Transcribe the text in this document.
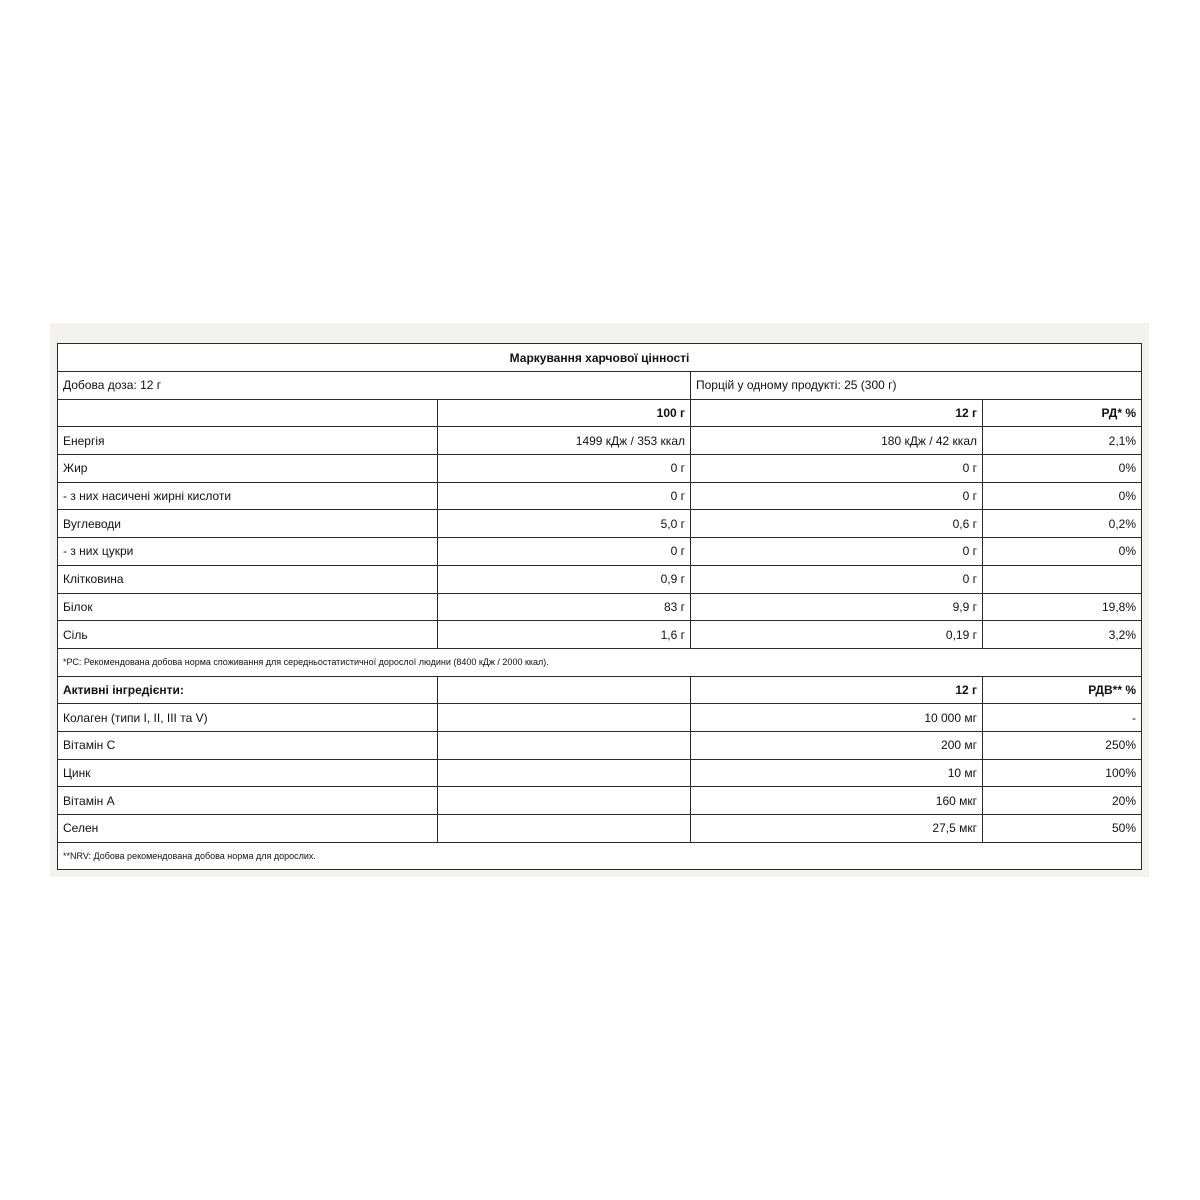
Маркування харчової цінності			
Добова доза: 12 г		Порцій у одному продукті: 25 (300 г)	
	100 г	12 г	РД* %
Енергія	1499 кДж / 353 ккал	180 кДж / 42 ккал	2,1%
Жир	0 г	0 г	0%
- з них насичені жирні кислоти	0 г	0 г	0%
Вуглеводи	5,0 г	0,6 г	0,2%
- з них цукри	0 г	0 г	0%
Клітковина	0,9 г	0 г	
Білок	83 г	9,9 г	19,8%
Сіль	1,6 г	0,19 г	3,2%
*РС: Рекомендована добова норма споживання для середньостатистичної дорослої людини (8400 кДж / 2000 ккал).			
Активні інгредієнти:		12 г	РДВ** %
Колаген (типи I, II, III та V)		10 000 мг	-
Вітамін С		200 мг	250%
Цинк		10 мг	100%
Вітамін А		160 мкг	20%
Селен		27,5 мкг	50%
**NRV: Добова рекомендована добова норма для дорослих.			
